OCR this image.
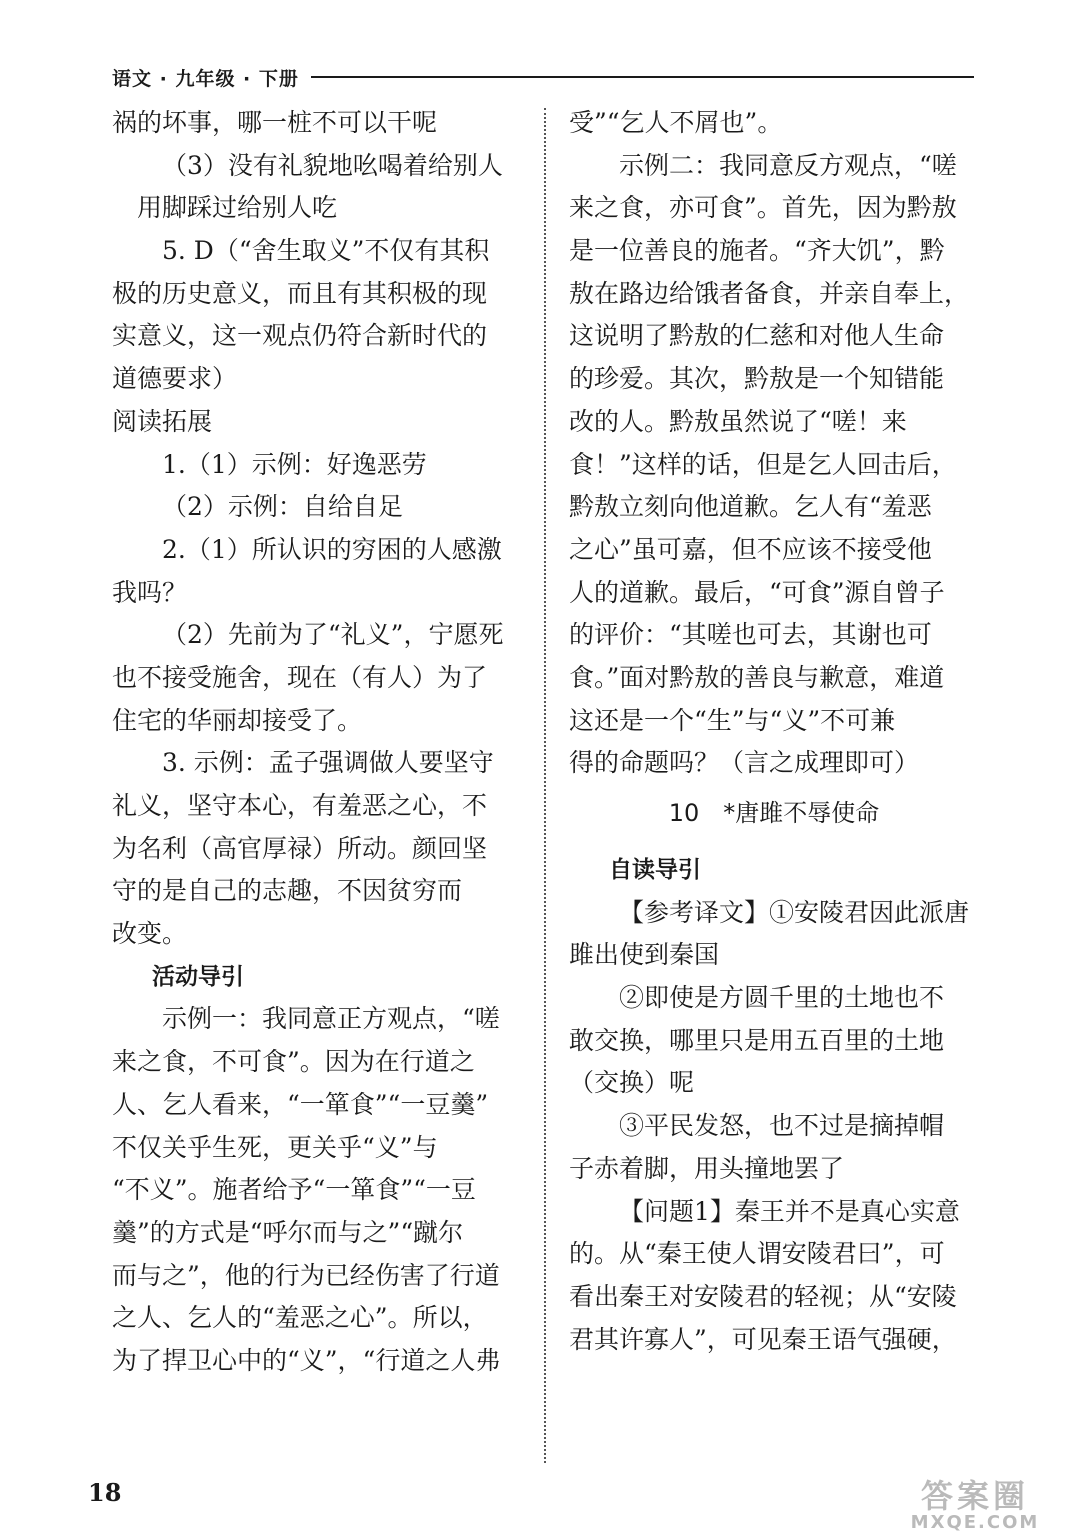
语文 · 九年级 · 下册
祸的坏事，哪一桩不可以干呢
（3）没有礼貌地吆喝着给别人
用脚踩过给别人吃
5. D（“舍生取义”不仅有其积
极的历史意义，而且有其积极的现
实意义，这一观点仍符合新时代的
道德要求）
阅读拓展
1.（1）示例：好逸恶劳
（2）示例：自给自足
2.（1）所认识的穷困的人感激
我吗？
（2）先前为了“礼义”，宁愿死
也不接受施舍，现在（有人）为了
住宅的华丽却接受了。
3. 示例：孟子强调做人要坚守
礼义，坚守本心，有羞恶之心，不
为名利（高官厚禄）所动。颜回坚
守的是自己的志趣，不因贫穷而
改变。
活动导引
示例一：我同意正方观点，“嗟
来之食，不可食”。因为在行道之
人、乞人看来，“一箪食”“一豆羹”
不仅关乎生死，更关乎“义”与
“不义”。施者给予“一箪食”“一豆
羹”的方式是“呼尔而与之”“蹴尔
而与之”，他的行为已经伤害了行道
之人、乞人的“羞恶之心”。所以，
为了捍卫心中的“义”，“行道之人弗
受”“乞人不屑也”。
示例二：我同意反方观点，“嗟
来之食，亦可食”。首先，因为黔敖
是一位善良的施者。“齐大饥”，黔
敖在路边给饿者备食，并亲自奉上，
这说明了黔敖的仁慈和对他人生命
的珍爱。其次，黔敖是一个知错能
改的人。黔敖虽然说了“嗟！来
食！”这样的话，但是乞人回击后，
黔敖立刻向他道歉。乞人有“羞恶
之心”虽可嘉，但不应该不接受他
人的道歉。最后，“可食”源自曾子
的评价：“其嗟也可去，其谢也可
食。”面对黔敖的善良与歉意，难道
这还是一个“生”与“义”不可兼
得的命题吗？（言之成理即可）
10　*唐雎不辱使命
自读导引
【参考译文】①安陵君因此派唐
雎出使到秦国
②即使是方圆千里的土地也不
敢交换，哪里只是用五百里的土地
（交换）呢
③平民发怒，也不过是摘掉帽
子赤着脚，用头撞地罢了
【问题1】秦王并不是真心实意
的。从“秦王使人谓安陵君曰”，可
看出秦王对安陵君的轻视；从“安陵
君其许寡人”，可见秦王语气强硬，
18	答案圈
MXQE.COM
